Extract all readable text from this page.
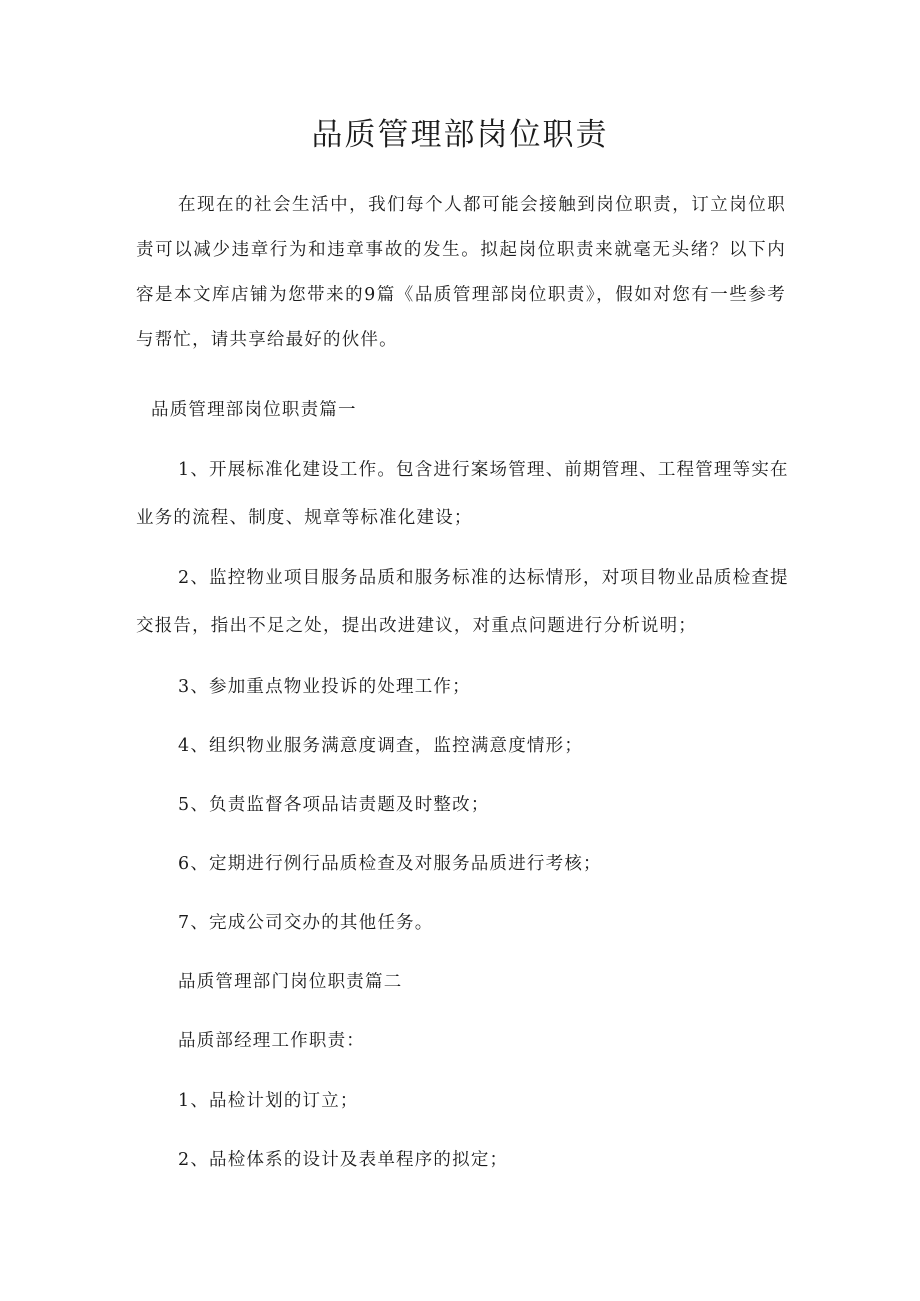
品质管理部岗位职责
在现在的社会生活中，我们每个人都可能会接触到岗位职责，订立岗位职责可以减少违章行为和违章事故的发生。拟起岗位职责来就毫无头绪？以下内容是本文库店铺为您带来的9篇《品质管理部岗位职责》，假如对您有一些参考与帮忙，请共享给最好的伙伴。
品质管理部岗位职责篇一
1、开展标准化建设工作。包含进行案场管理、前期管理、工程管理等实在
业务的流程、制度、规章等标准化建设；
2、监控物业项目服务品质和服务标准的达标情形，对项目物业品质检查提
交报告，指出不足之处，提出改进建议，对重点问题进行分析说明；
3、参加重点物业投诉的处理工作；
4、组织物业服务满意度调查，监控满意度情形；
5、负责监督各项品诘责题及时整改；
6、定期进行例行品质检查及对服务品质进行考核；
7、完成公司交办的其他任务。
品质管理部门岗位职责篇二
品质部经理工作职责：
1、品检计划的订立；
2、品检体系的设计及表单程序的拟定；
